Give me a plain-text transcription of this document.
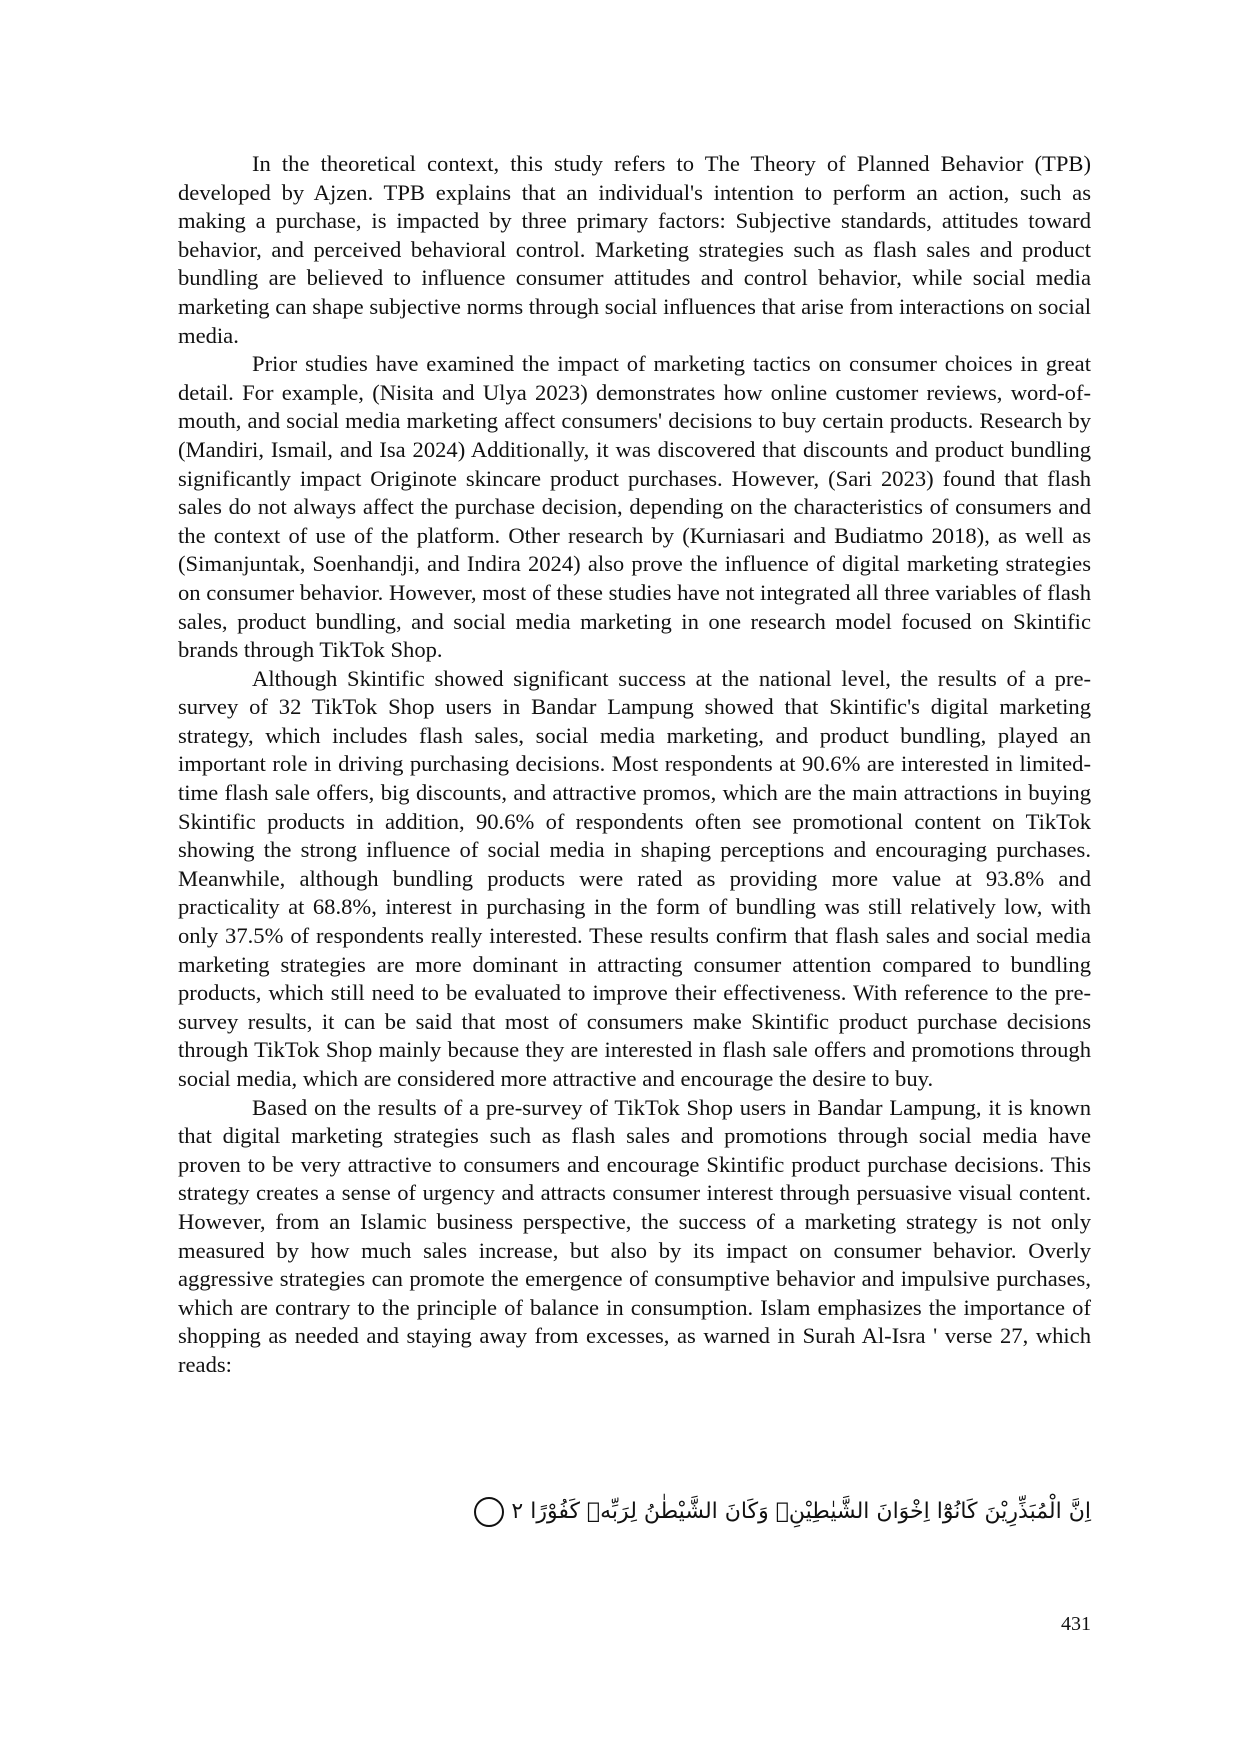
In the theoretical context, this study refers to The Theory of Planned Behavior (TPB) developed by Ajzen. TPB explains that an individual's intention to perform an action, such as making a purchase, is impacted by three primary factors: Subjective standards, attitudes toward behavior, and perceived behavioral control. Marketing strategies such as flash sales and product bundling are believed to influence consumer attitudes and control behavior, while social media marketing can shape subjective norms through social influences that arise from interactions on social media.

Prior studies have examined the impact of marketing tactics on consumer choices in great detail. For example, (Nisita and Ulya 2023) demonstrates how online customer reviews, word-of-mouth, and social media marketing affect consumers' decisions to buy certain products. Research by (Mandiri, Ismail, and Isa 2024) Additionally, it was discovered that discounts and product bundling significantly impact Originote skincare product purchases. However, (Sari 2023) found that flash sales do not always affect the purchase decision, depending on the characteristics of consumers and the context of use of the platform. Other research by (Kurniasari and Budiatmo 2018), as well as (Simanjuntak, Soenhandji, and Indira 2024) also prove the influence of digital marketing strategies on consumer behavior. However, most of these studies have not integrated all three variables of flash sales, product bundling, and social media marketing in one research model focused on Skintific brands through TikTok Shop.

Although Skintific showed significant success at the national level, the results of a pre-survey of 32 TikTok Shop users in Bandar Lampung showed that Skintific's digital marketing strategy, which includes flash sales, social media marketing, and product bundling, played an important role in driving purchasing decisions. Most respondents at 90.6% are interested in limited-time flash sale offers, big discounts, and attractive promos, which are the main attractions in buying Skintific products in addition, 90.6% of respondents often see promotional content on TikTok showing the strong influence of social media in shaping perceptions and encouraging purchases. Meanwhile, although bundling products were rated as providing more value at 93.8% and practicality at 68.8%, interest in purchasing in the form of bundling was still relatively low, with only 37.5% of respondents really interested. These results confirm that flash sales and social media marketing strategies are more dominant in attracting consumer attention compared to bundling products, which still need to be evaluated to improve their effectiveness. With reference to the pre-survey results, it can be said that most of consumers make Skintific product purchase decisions through TikTok Shop mainly because they are interested in flash sale offers and promotions through social media, which are considered more attractive and encourage the desire to buy.

Based on the results of a pre-survey of TikTok Shop users in Bandar Lampung, it is known that digital marketing strategies such as flash sales and promotions through social media have proven to be very attractive to consumers and encourage Skintific product purchase decisions. This strategy creates a sense of urgency and attracts consumer interest through persuasive visual content. However, from an Islamic business perspective, the success of a marketing strategy is not only measured by how much sales increase, but also by its impact on consumer behavior. Overly aggressive strategies can promote the emergence of consumptive behavior and impulsive purchases, which are contrary to the principle of balance in consumption. Islam emphasizes the importance of shopping as needed and staying away from excesses, as warned in Surah Al-Isra ' verse 27, which reads:

اِنَّ الْمُبَذِّرِيْنَ كَانُوْٓا اِخْوَانَ الشَّيٰطِيْنِۗ وَكَانَ الشَّيْطٰنُ لِرَبِّهٖ كَفُوْرًا ٢
431
